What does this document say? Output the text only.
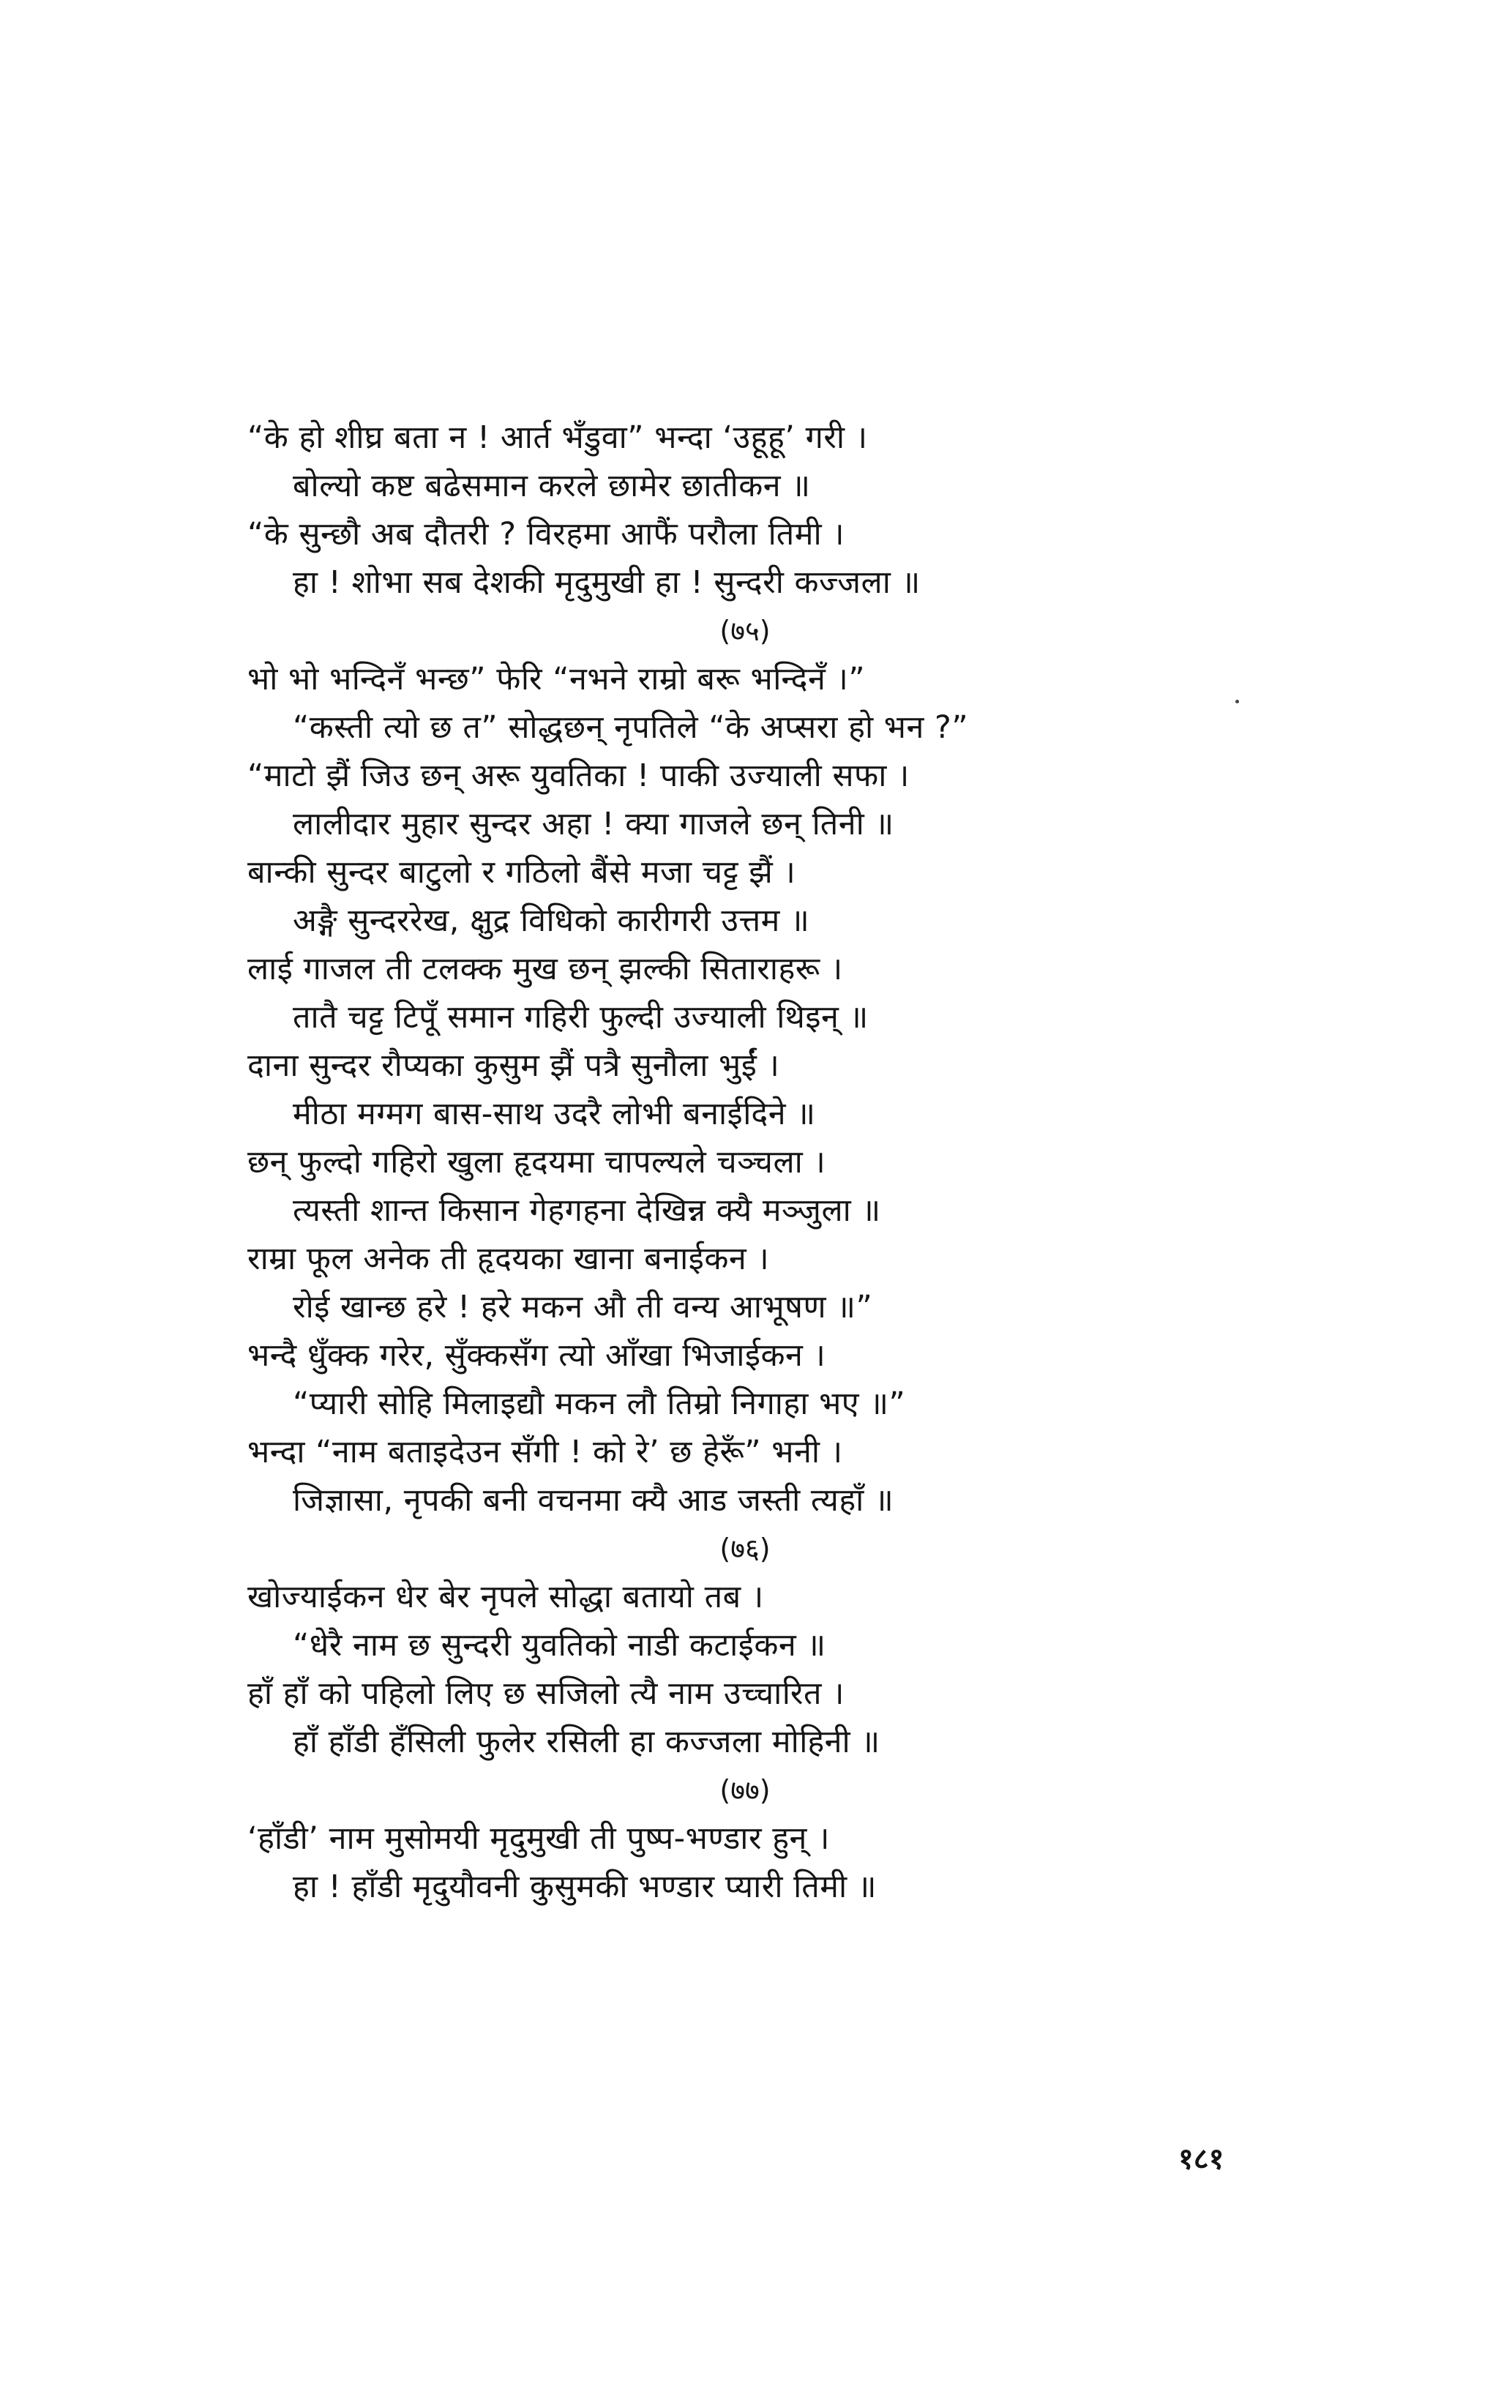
“के हो शीघ्र बता न ! आर्त भँडुवा” भन्दा ‘उहूहू’ गरी ।
बोल्यो कष्ट बढेसमान करले छामेर छातीकन ॥
“के सुन्छौ अब दौतरी ? विरहमा आफैं परौला तिमी ।
हा ! शोभा सब देशकी मृदुमुखी हा ! सुन्दरी कज्जला ॥
(७५)
भो भो भन्दिनँ भन्छ” फेरि “नभने राम्रो बरू भन्दिनँ ।”
“कस्ती त्यो छ त” सोद्धछन् नृपतिले “के अप्सरा हो भन ?”
“माटो झैं जिउ छन् अरू युवतिका ! पाकी उज्याली सफा ।
लालीदार मुहार सुन्दर अहा ! क्या गाजले छन् तिनी ॥
बान्की सुन्दर बाटुलो र गठिलो बैंसे मजा चट्ट झैं ।
अङ्गै सुन्दररेख, क्षुद्र विधिको कारीगरी उत्तम ॥
लाई गाजल ती टलक्क मुख छन् झल्की सिताराहरू ।
तातै चट्ट टिपूँ समान गहिरी फुल्दी उज्याली थिइन् ॥
दाना सुन्दर रौप्यका कुसुम झैं पत्रै सुनौला भुईं ।
मीठा मग्मग बास-साथ उदरै लोभी बनाईदिने ॥
छन् फुल्दो गहिरो खुला हृदयमा चापल्यले चञ्चला ।
त्यस्ती शान्त किसान गेहगहना देखिन्न क्यै मञ्जुला ॥
राम्रा फूल अनेक ती हृदयका खाना बनाईकन ।
रोई खान्छ हरे ! हरे मकन औ ती वन्य आभूषण ॥”
भन्दै धुँक्क गरेर, सुँक्कसँग त्यो आँखा भिजाईकन ।
“प्यारी सोहि मिलाइद्यौ मकन लौ तिम्रो निगाहा भए ॥”
भन्दा “नाम बताइदेउन सँगी ! को रे’ छ हेरूँ” भनी ।
जिज्ञासा, नृपकी बनी वचनमा क्यै आड जस्ती त्यहाँ ॥
(७६)
खोज्याईकन धेर बेर नृपले सोद्धा बतायो तब ।
“धेरै नाम छ सुन्दरी युवतिको नाडी कटाईकन ॥
हाँ हाँ को पहिलो लिए छ सजिलो त्यै नाम उच्चारित ।
हाँ हाँडी हँसिली फुलेर रसिली हा कज्जला मोहिनी ॥
(७७)
‘हाँडी’ नाम मुसोमयी मृदुमुखी ती पुष्प-भण्डार हुन् ।
हा ! हाँडी मृदुयौवनी कुसुमकी भण्डार प्यारी तिमी ॥
१८१
